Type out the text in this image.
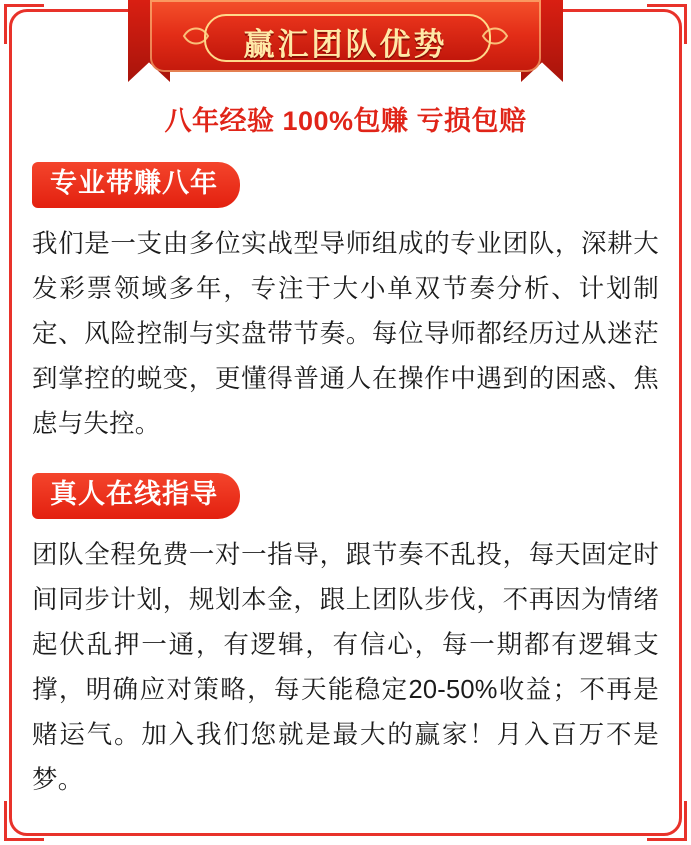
赢汇团队优势
八年经验 100%包赚 亏损包赔
专业带赚八年
我们是一支由多位实战型导师组成的专业团队，深耕大发彩票领域多年，专注于大小单双节奏分析、计划制定、风险控制与实盘带节奏。每位导师都经历过从迷茫到掌控的蜕变，更懂得普通人在操作中遇到的困惑、焦虑与失控。
真人在线指导
团队全程免费一对一指导，跟节奏不乱投，每天固定时间同步计划，规划本金，跟上团队步伐，不再因为情绪起伏乱押一通，有逻辑，有信心，每一期都有逻辑支撑，明确应对策略，每天能稳定20-50%收益；不再是赌运气。加入我们您就是最大的赢家！月入百万不是梦。
